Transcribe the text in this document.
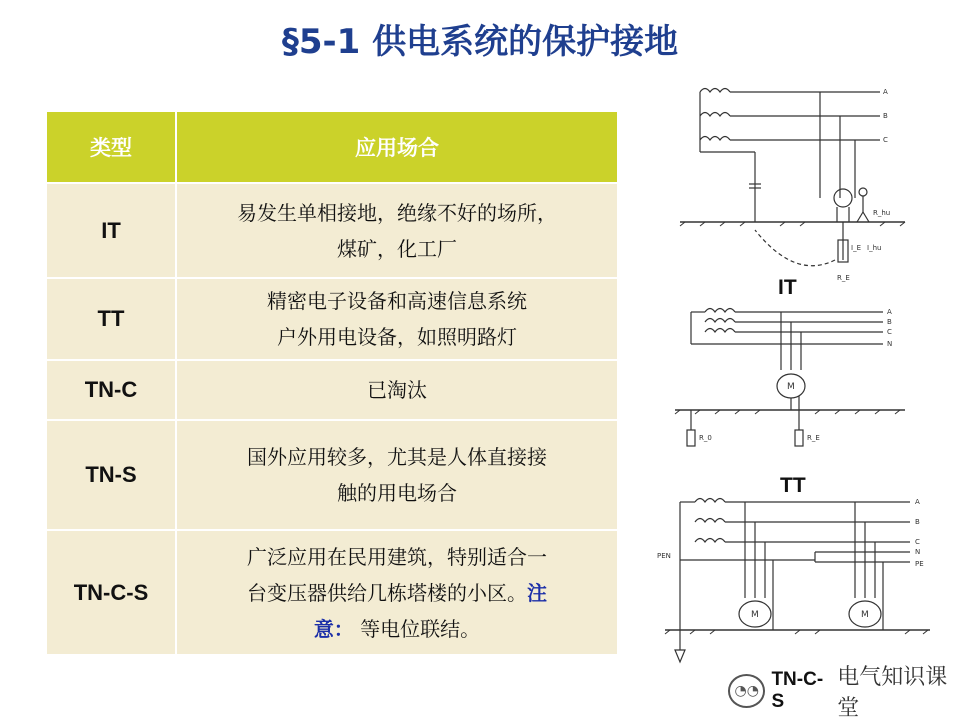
§5-1 供电系统的保护接地
类型	应用场合
IT	易发生单相接地，绝缘不好的场所，
煤矿，化工厂

TT	精密电子设备和高速信息系统
户外用电设备，如照明路灯

TN-C	已淘汰

TN-S	国外应用较多，尤其是人体直接接
触的用电场合

TN-C-S	广泛应用在民用建筑，特别适合一
台变压器供给几栋塔楼的小区。注
意： 等电位联结。
A
B
C
R_hu
I_E I_hu
R_E
IT
A
B
C
N
M
R_0	R_E
TT
A
B
C
N
PE
PEN
M	M
◔◔
TN-C-S
电气知识课堂
